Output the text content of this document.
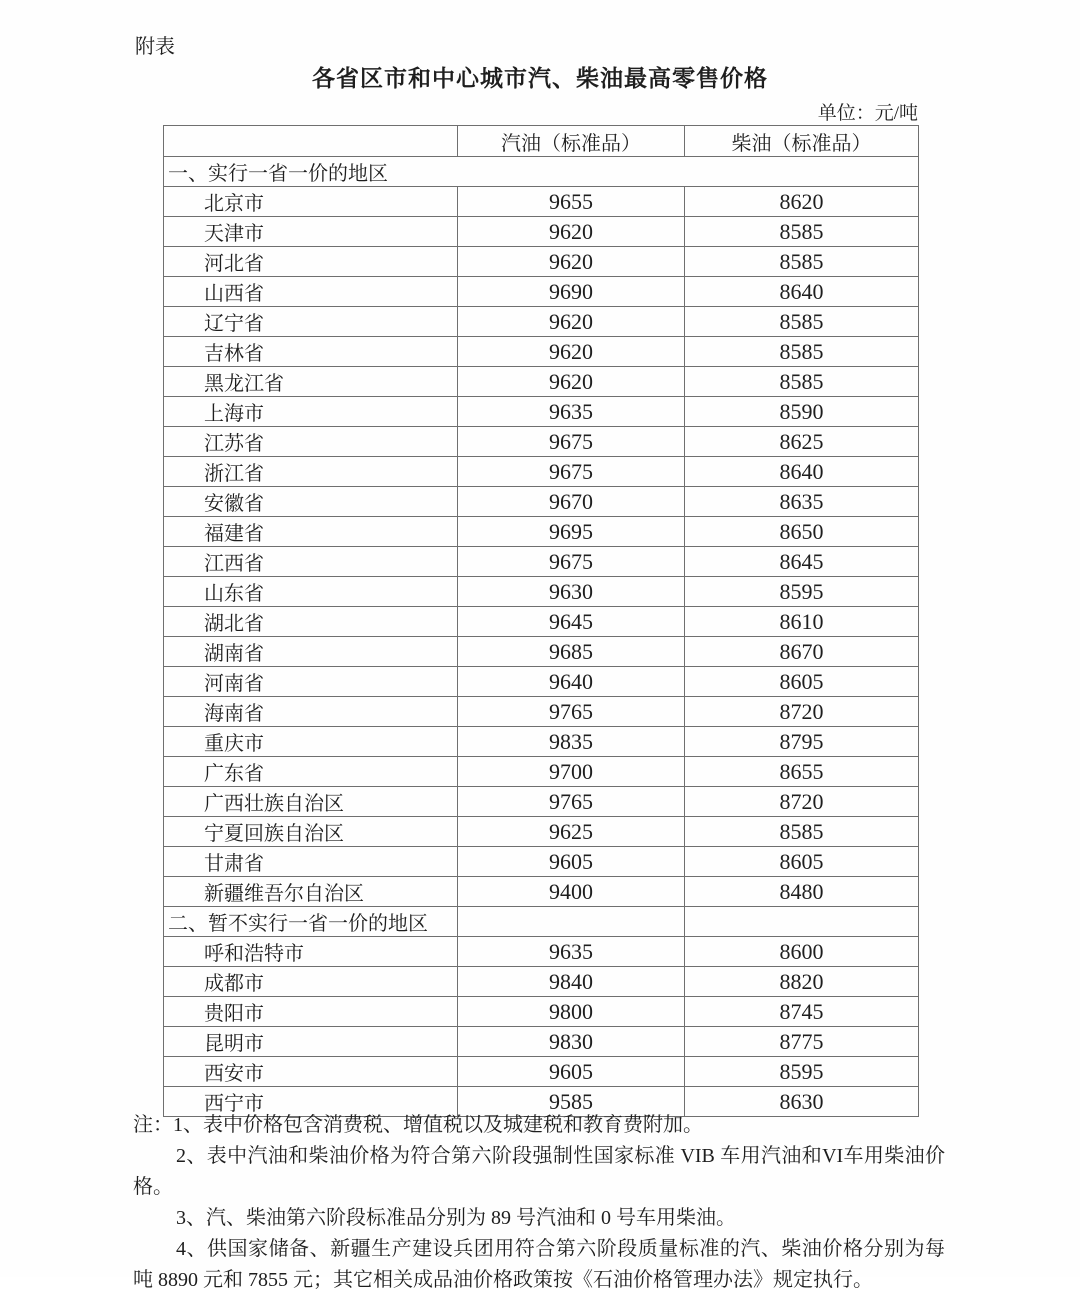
附表
各省区市和中心城市汽、柴油最高零售价格
单位：元/吨
	汽油（标准品）	柴油（标准品）
一、实行一省一价的地区		
北京市	9655	8620
天津市	9620	8585
河北省	9620	8585
山西省	9690	8640
辽宁省	9620	8585
吉林省	9620	8585
黑龙江省	9620	8585
上海市	9635	8590
江苏省	9675	8625
浙江省	9675	8640
安徽省	9670	8635
福建省	9695	8650
江西省	9675	8645
山东省	9630	8595
湖北省	9645	8610
湖南省	9685	8670
河南省	9640	8605
海南省	9765	8720
重庆市	9835	8795
广东省	9700	8655
广西壮族自治区	9765	8720
宁夏回族自治区	9625	8585
甘肃省	9605	8605
新疆维吾尔自治区	9400	8480
二、暂不实行一省一价的地区		
呼和浩特市	9635	8600
成都市	9840	8820
贵阳市	9800	8745
昆明市	9830	8775
西安市	9605	8595
西宁市	9585	8630

注：1、表中价格包含消费税、增值税以及城建税和教育费附加。

2、表中汽油和柴油价格为符合第六阶段强制性国家标准 VIB 车用汽油和VI车用柴油价格。

3、汽、柴油第六阶段标准品分别为 89 号汽油和 0 号车用柴油。

4、供国家储备、新疆生产建设兵团用符合第六阶段质量标准的汽、柴油价格分别为每吨 8890 元和 7855 元；其它相关成品油价格政策按《石油价格管理办法》规定执行。
